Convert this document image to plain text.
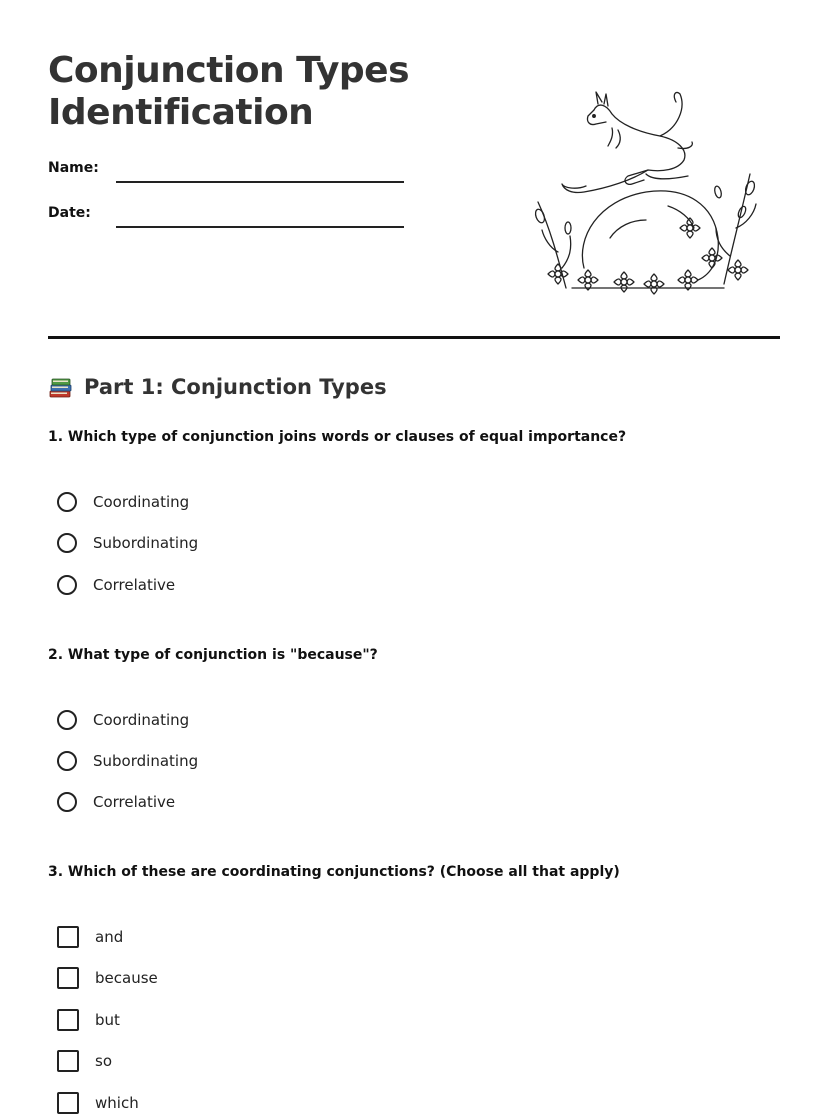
Conjunction Types
Identification
Name:
Date:
Part 1: Conjunction Types
1. Which type of conjunction joins words or clauses of equal importance?
Coordinating
Subordinating
Correlative
2. What type of conjunction is "because"?
Coordinating
Subordinating
Correlative
3. Which of these are coordinating conjunctions? (Choose all that apply)
and
because
but
so
which
